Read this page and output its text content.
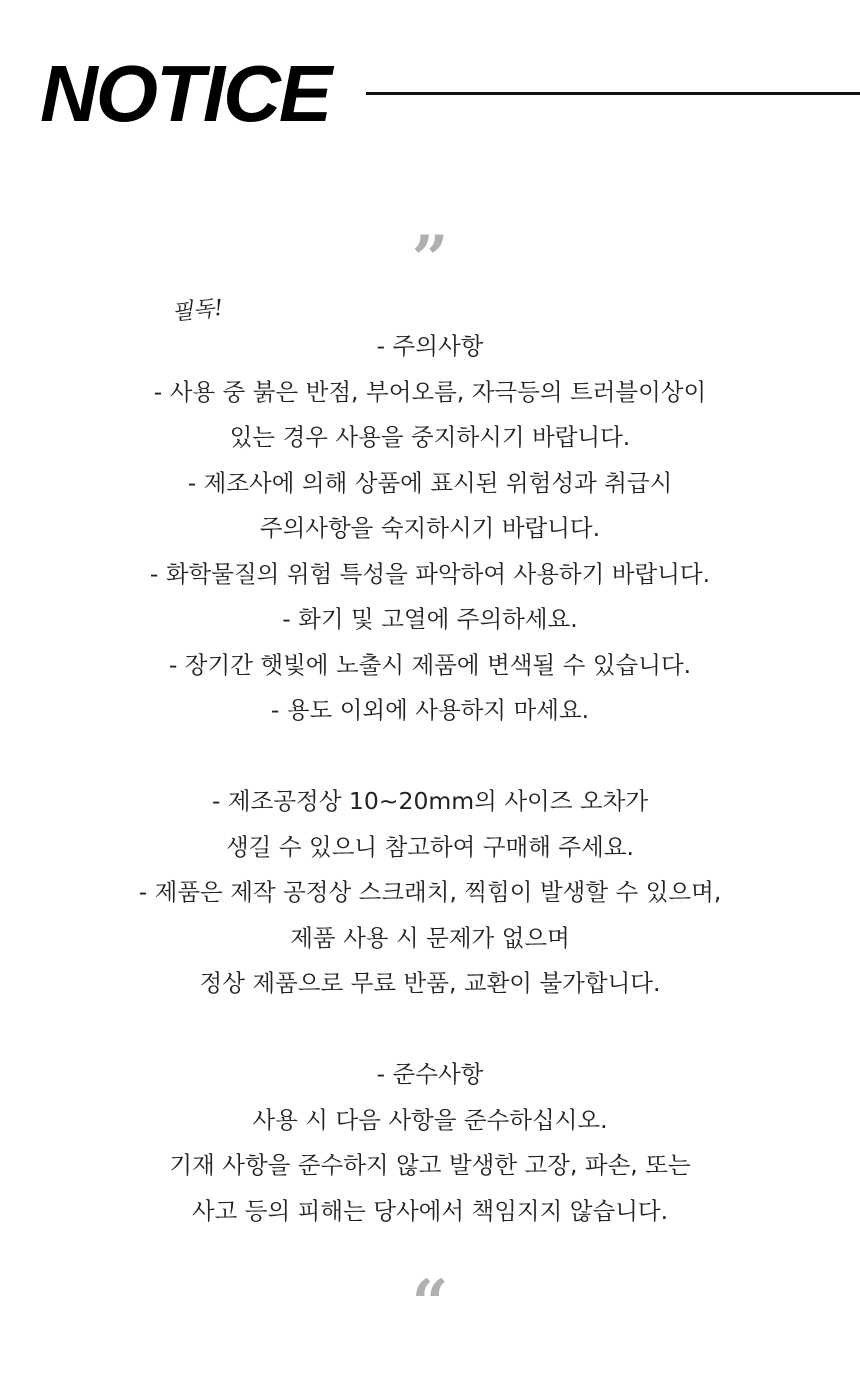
NOTICE
”
필독!
- 주의사항
- 사용 중 붉은 반점, 부어오름, 자극등의 트러블이상이
있는 경우 사용을 중지하시기 바랍니다.
- 제조사에 의해 상품에 표시된 위험성과 취급시
주의사항을 숙지하시기 바랍니다.
- 화학물질의 위험 특성을 파악하여 사용하기 바랍니다.
- 화기 및 고열에 주의하세요.
- 장기간 햇빛에 노출시 제품에 변색될 수 있습니다.
- 용도 이외에 사용하지 마세요.
- 제조공정상 10~20mm의 사이즈 오차가
생길 수 있으니 참고하여 구매해 주세요.
- 제품은 제작 공정상 스크래치, 찍힘이 발생할 수 있으며,
제품 사용 시 문제가 없으며
정상 제품으로 무료 반품, 교환이 불가합니다.
- 준수사항
사용 시 다음 사항을 준수하십시오.
기재 사항을 준수하지 않고 발생한 고장, 파손, 또는
사고 등의 피해는 당사에서 책임지지 않습니다.
“
